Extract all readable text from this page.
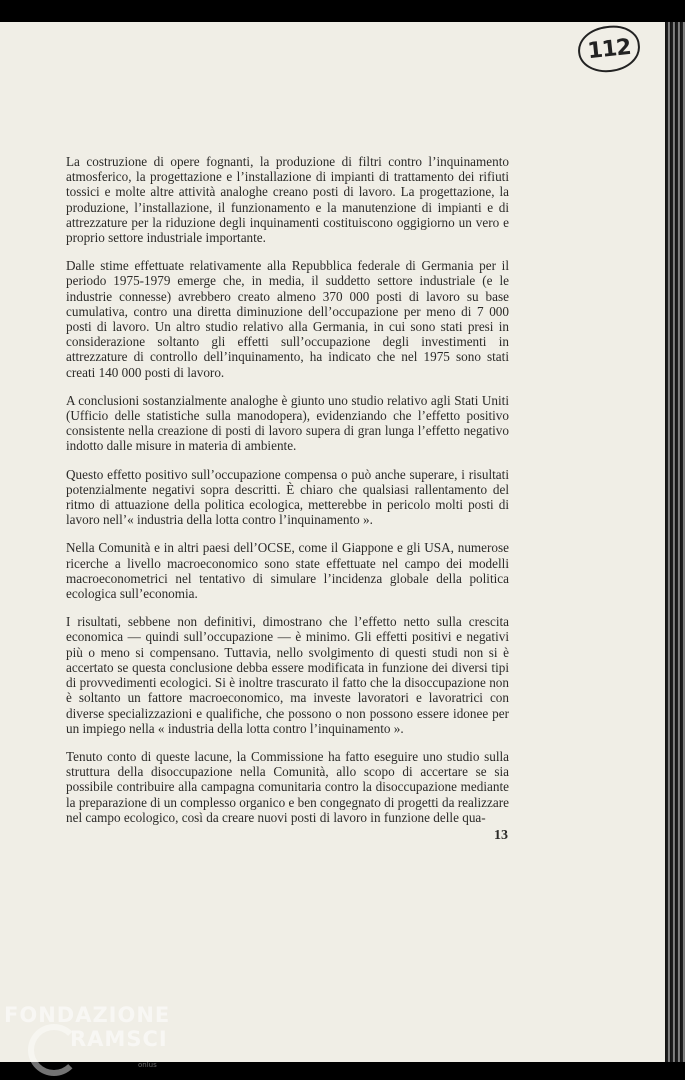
112

La costruzione di opere fognanti, la produzione di filtri contro l’inquinamento atmosferico, la progettazione e l’installazione di impianti di trattamento dei rifiuti tossici e molte altre attività analoghe creano posti di lavoro. La progettazione, la produzione, l’installazione, il funzionamento e la manutenzione di impianti e di attrezzature per la riduzione degli inquinamenti costituiscono oggigiorno un vero e proprio settore industriale importante.

Dalle stime effettuate relativamente alla Repubblica federale di Germania per il periodo 1975-1979 emerge che, in media, il suddetto settore industriale (e le industrie connesse) avrebbero creato almeno 370 000 posti di lavoro su base cumulativa, contro una diretta diminuzione dell’occupazione per meno di 7 000 posti di lavoro. Un altro studio relativo alla Germania, in cui sono stati presi in considerazione soltanto gli effetti sull’occupazione degli investimenti in attrezzature di controllo dell’inquinamento, ha indicato che nel 1975 sono stati creati 140 000 posti di lavoro.

A conclusioni sostanzialmente analoghe è giunto uno studio relativo agli Stati Uniti (Ufficio delle statistiche sulla manodopera), evidenziando che l’effetto positivo consistente nella creazione di posti di lavoro supera di gran lunga l’effetto negativo indotto dalle misure in materia di ambiente.

Questo effetto positivo sull’occupazione compensa o può anche superare, i risultati potenzialmente negativi sopra descritti. È chiaro che qualsiasi rallentamento del ritmo di attuazione della politica ecologica, metterebbe in pericolo molti posti di lavoro nell’« industria della lotta contro l’inquinamento ».

Nella Comunità e in altri paesi dell’OCSE, come il Giappone e gli USA, numerose ricerche a livello macroeconomico sono state effettuate nel campo dei modelli macroeconometrici nel tentativo di simulare l’incidenza globale della politica ecologica sull’economia.

I risultati, sebbene non definitivi, dimostrano che l’effetto netto sulla crescita economica — quindi sull’occupazione — è minimo. Gli effetti positivi e negativi più o meno si compensano. Tuttavia, nello svolgimento di questi studi non si è accertato se questa conclusione debba essere modificata in funzione dei diversi tipi di provvedimenti ecologici. Si è inoltre trascurato il fatto che la disoccupazione non è soltanto un fattore macroeconomico, ma investe lavoratori e lavoratrici con diverse specializzazioni e qualifiche, che possono o non possono essere idonee per un impiego nella « industria della lotta contro l’inquinamento ».

Tenuto conto di queste lacune, la Commissione ha fatto eseguire uno studio sulla struttura della disoccupazione nella Comunità, allo scopo di accertare se sia possibile contribuire alla campagna comunitaria contro la disoccupazione mediante la preparazione di un complesso organico e ben congegnato di progetti da realizzare nel campo ecologico, così da creare nuovi posti di lavoro in funzione delle qua-

13
FONDAZIONE
RAMSCI
onlus
